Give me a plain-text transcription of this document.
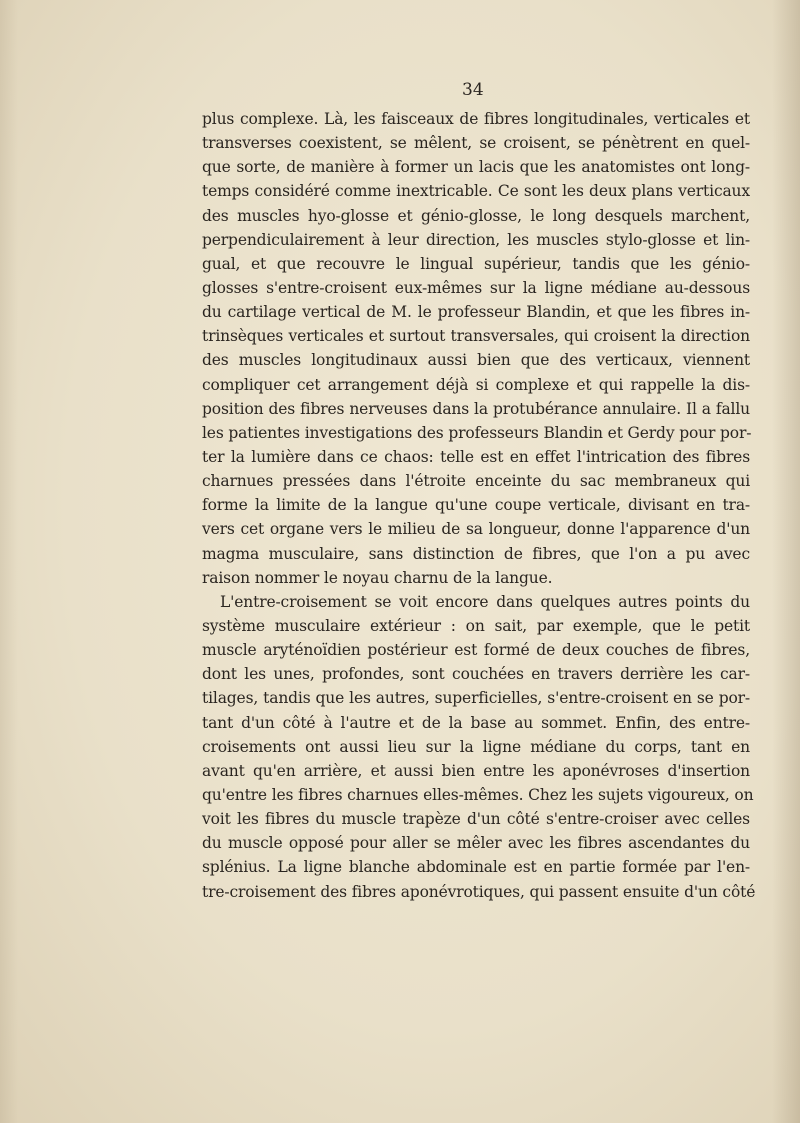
34
plus complexe. Là, les faisceaux de fibres longitudinales, verticales et
transverses coexistent, se mêlent, se croisent, se pénètrent en quel-
que sorte, de manière à former un lacis que les anatomistes ont long-
temps considéré comme inextricable. Ce sont les deux plans verticaux
des muscles hyo-glosse et génio-glosse, le long desquels marchent,
perpendiculairement à leur direction, les muscles stylo-glosse et lin-
gual, et que recouvre le lingual supérieur, tandis que les génio-
glosses s'entre-croisent eux-mêmes sur la ligne médiane au-dessous
du cartilage vertical de M. le professeur Blandin, et que les fibres in-
trinsèques verticales et surtout transversales, qui croisent la direction
des muscles longitudinaux aussi bien que des verticaux, viennent
compliquer cet arrangement déjà si complexe et qui rappelle la dis-
position des fibres nerveuses dans la protubérance annulaire. Il a fallu
les patientes investigations des professeurs Blandin et Gerdy pour por-
ter la lumière dans ce chaos: telle est en effet l'intrication des fibres
charnues pressées dans l'étroite enceinte du sac membraneux qui
forme la limite de la langue qu'une coupe verticale, divisant en tra-
vers cet organe vers le milieu de sa longueur, donne l'apparence d'un
magma musculaire, sans distinction de fibres, que l'on a pu avec
raison nommer le noyau charnu de la langue.
L'entre-croisement se voit encore dans quelques autres points du
système musculaire extérieur : on sait, par exemple, que le petit
muscle aryténoïdien postérieur est formé de deux couches de fibres,
dont les unes, profondes, sont couchées en travers derrière les car-
tilages, tandis que les autres, superficielles, s'entre-croisent en se por-
tant d'un côté à l'autre et de la base au sommet. Enfin, des entre-
croisements ont aussi lieu sur la ligne médiane du corps, tant en
avant qu'en arrière, et aussi bien entre les aponévroses d'insertion
qu'entre les fibres charnues elles-mêmes. Chez les sujets vigoureux, on
voit les fibres du muscle trapèze d'un côté s'entre-croiser avec celles
du muscle opposé pour aller se mêler avec les fibres ascendantes du
splénius. La ligne blanche abdominale est en partie formée par l'en-
tre-croisement des fibres aponévrotiques, qui passent ensuite d'un côté
